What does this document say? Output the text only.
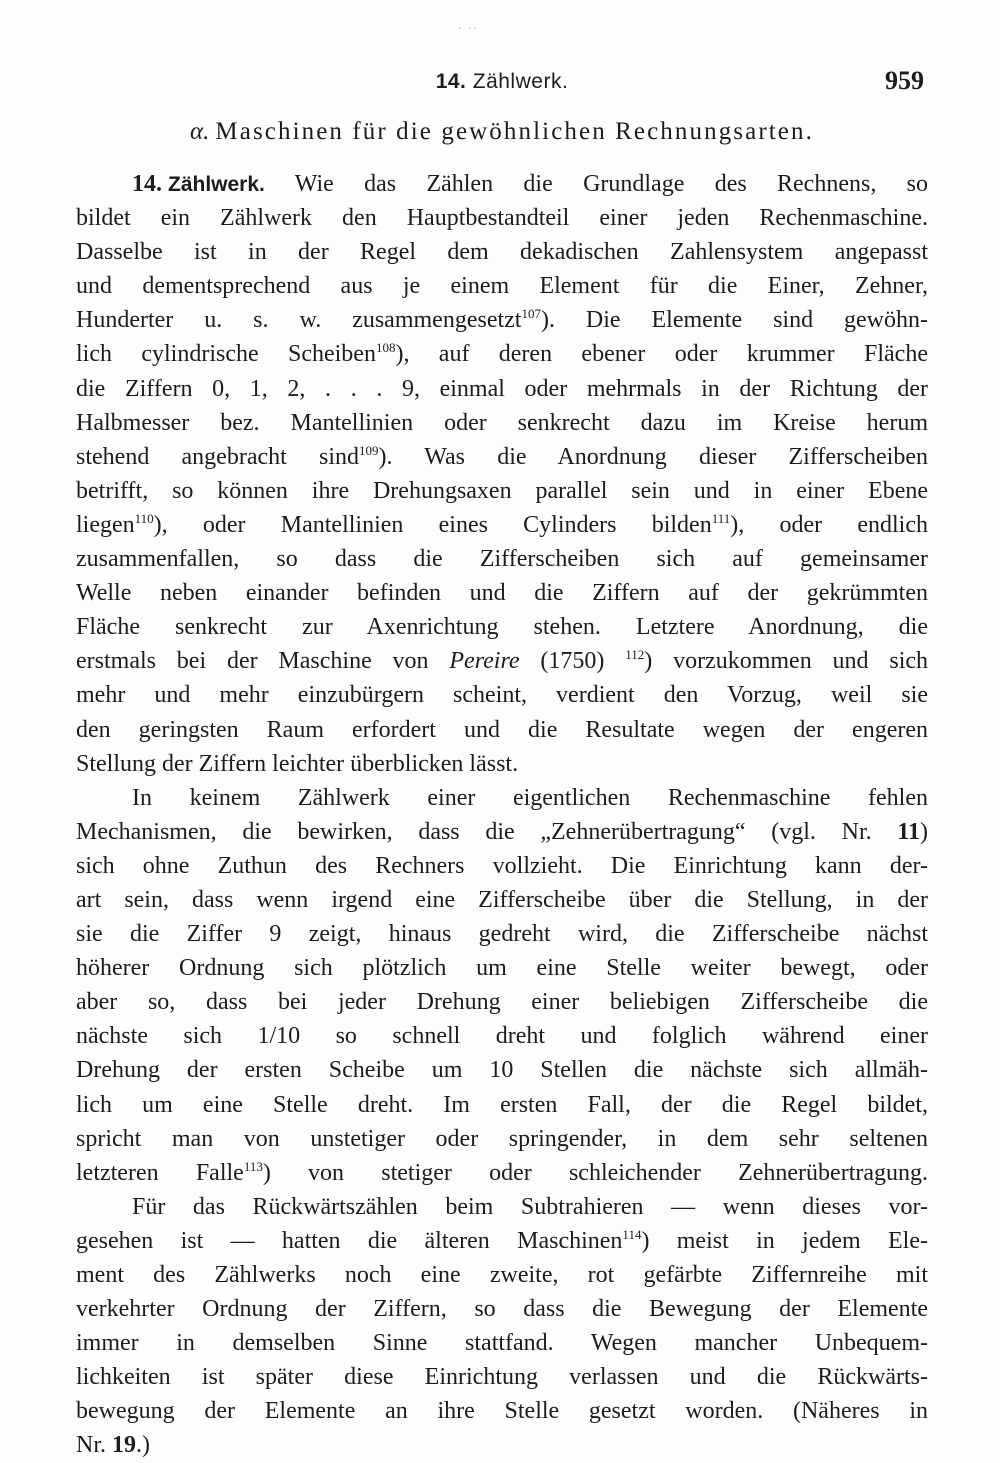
· ··
14. Zählwerk.	959
α. Maschinen für die gewöhnlichen Rechnungsarten.
14. Zählwerk. Wie das Zählen die Grundlage des Rechnens, so
bildet ein Zählwerk den Hauptbestandteil einer jeden Rechenmaschine.
Dasselbe ist in der Regel dem dekadischen Zahlensystem angepasst
und dementsprechend aus je einem Element für die Einer, Zehner,
Hunderter u. s. w. zusammengesetzt$^{107}$). Die Elemente sind gewöhn-
lich cylindrische Scheiben$^{108}$), auf deren ebener oder krummer Fläche
die Ziffern 0, 1, 2, . . . 9, einmal oder mehrmals in der Richtung der
Halbmesser bez. Mantellinien oder senkrecht dazu im Kreise herum
stehend angebracht sind$^{109}$). Was die Anordnung dieser Zifferscheiben
betrifft, so können ihre Drehungsaxen parallel sein und in einer Ebene
liegen$^{110}$), oder Mantellinien eines Cylinders bilden$^{111}$), oder endlich
zusammenfallen, so dass die Zifferscheiben sich auf gemeinsamer
Welle neben einander befinden und die Ziffern auf der gekrümmten
Fläche senkrecht zur Axenrichtung stehen. Letztere Anordnung, die
erstmals bei der Maschine von Pereire (1750) $^{112}$) vorzukommen und sich
mehr und mehr einzubürgern scheint, verdient den Vorzug, weil sie
den geringsten Raum erfordert und die Resultate wegen der engeren
Stellung der Ziffern leichter überblicken lässt.
In keinem Zählwerk einer eigentlichen Rechenmaschine fehlen
Mechanismen, die bewirken, dass die „Zehnerübertragung“ (vgl. Nr. 11)
sich ohne Zuthun des Rechners vollzieht. Die Einrichtung kann der-
art sein, dass wenn irgend eine Zifferscheibe über die Stellung, in der
sie die Ziffer 9 zeigt, hinaus gedreht wird, die Zifferscheibe nächst
höherer Ordnung sich plötzlich um eine Stelle weiter bewegt, oder
aber so, dass bei jeder Drehung einer beliebigen Zifferscheibe die
nächste sich 1/10 so schnell dreht und folglich während einer
Drehung der ersten Scheibe um 10 Stellen die nächste sich allmäh-
lich um eine Stelle dreht. Im ersten Fall, der die Regel bildet,
spricht man von unstetiger oder springender, in dem sehr seltenen
letzteren Falle$^{113}$) von stetiger oder schleichender Zehnerübertragung.
Für das Rückwärtszählen beim Subtrahieren — wenn dieses vor-
gesehen ist — hatten die älteren Maschinen$^{114}$) meist in jedem Ele-
ment des Zählwerks noch eine zweite, rot gefärbte Ziffernreihe mit
verkehrter Ordnung der Ziffern, so dass die Bewegung der Elemente
immer in demselben Sinne stattfand. Wegen mancher Unbequem-
lichkeiten ist später diese Einrichtung verlassen und die Rückwärts-
bewegung der Elemente an ihre Stelle gesetzt worden. (Näheres in
Nr. 19.)
